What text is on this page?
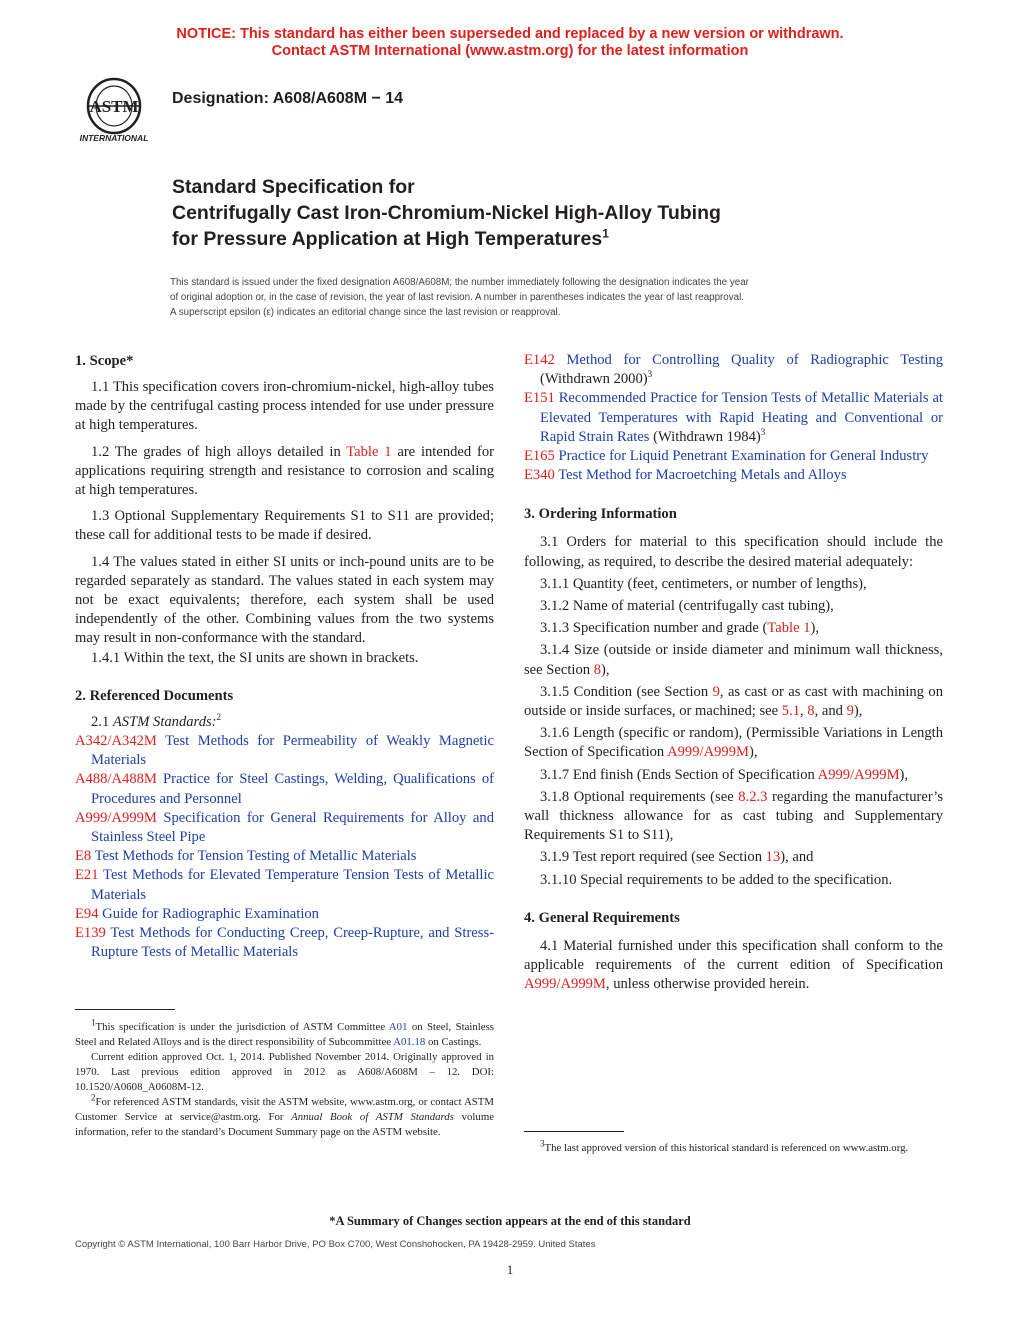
NOTICE: This standard has either been superseded and replaced by a new version or withdrawn.
Contact ASTM International (www.astm.org) for the latest information
ASTM
INTERNATIONAL
Designation: A608/A608M − 14
Standard Specification for
Centrifugally Cast Iron-Chromium-Nickel High-Alloy Tubing
for Pressure Application at High Temperatures$^1$
This standard is issued under the fixed designation A608/A608M; the number immediately following the designation indicates the year
of original adoption or, in the case of revision, the year of last revision. A number in parentheses indicates the year of last reapproval.
A superscript epsilon (ε) indicates an editorial change since the last revision or reapproval.
1. Scope*

1.1 This specification covers iron-chromium-nickel, high-alloy tubes made by the centrifugal casting process intended for use under pressure at high temperatures.

1.2 The grades of high alloys detailed in Table 1 are intended for applications requiring strength and resistance to corrosion and scaling at high temperatures.

1.3 Optional Supplementary Requirements S1 to S11 are provided; these call for additional tests to be made if desired.

1.4 The values stated in either SI units or inch-pound units are to be regarded separately as standard. The values stated in each system may not be exact equivalents; therefore, each system shall be used independently of the other. Combining values from the two systems may result in non-conformance with the standard.

1.4.1 Within the text, the SI units are shown in brackets.

2. Referenced Documents

2.1 ASTM Standards:$^2$

A342/A342M Test Methods for Permeability of Weakly Magnetic Materials

A488/A488M Practice for Steel Castings, Welding, Qualifications of Procedures and Personnel

A999/A999M Specification for General Requirements for Alloy and Stainless Steel Pipe

E8 Test Methods for Tension Testing of Metallic Materials

E21 Test Methods for Elevated Temperature Tension Tests of Metallic Materials

E94 Guide for Radiographic Examination

E139 Test Methods for Conducting Creep, Creep-Rupture, and Stress-Rupture Tests of Metallic Materials

$^1$This specification is under the jurisdiction of ASTM Committee A01 on Steel, Stainless Steel and Related Alloys and is the direct responsibility of Subcommittee A01.18 on Castings.

Current edition approved Oct. 1, 2014. Published November 2014. Originally approved in 1970. Last previous edition approved in 2012 as A608/A608M – 12. DOI: 10.1520/A0608_A0608M-12.

$^2$For referenced ASTM standards, visit the ASTM website, www.astm.org, or contact ASTM Customer Service at service@astm.org. For Annual Book of ASTM Standards volume information, refer to the standard’s Document Summary page on the ASTM website.

E142 Method for Controlling Quality of Radiographic Testing (Withdrawn 2000)$^3$

E151 Recommended Practice for Tension Tests of Metallic Materials at Elevated Temperatures with Rapid Heating and Conventional or Rapid Strain Rates (Withdrawn 1984)$^3$

E165 Practice for Liquid Penetrant Examination for General Industry

E340 Test Method for Macroetching Metals and Alloys

3. Ordering Information

3.1 Orders for material to this specification should include the following, as required, to describe the desired material adequately:

3.1.1 Quantity (feet, centimeters, or number of lengths),

3.1.2 Name of material (centrifugally cast tubing),

3.1.3 Specification number and grade (Table 1),

3.1.4 Size (outside or inside diameter and minimum wall thickness, see Section 8),

3.1.5 Condition (see Section 9, as cast or as cast with machining on outside or inside surfaces, or machined; see 5.1, 8, and 9),

3.1.6 Length (specific or random), (Permissible Variations in Length Section of Specification A999/A999M),

3.1.7 End finish (Ends Section of Specification A999/A999M),

3.1.8 Optional requirements (see 8.2.3 regarding the manufacturer’s wall thickness allowance for as cast tubing and Supplementary Requirements S1 to S11),

3.1.9 Test report required (see Section 13), and

3.1.10 Special requirements to be added to the specification.

4. General Requirements

4.1 Material furnished under this specification shall conform to the applicable requirements of the current edition of Specification A999/A999M, unless otherwise provided herein.

$^3$The last approved version of this historical standard is referenced on www.astm.org.

*A Summary of Changes section appears at the end of this standard
Copyright © ASTM International, 100 Barr Harbor Drive, PO Box C700, West Conshohocken, PA 19428-2959. United States
1
